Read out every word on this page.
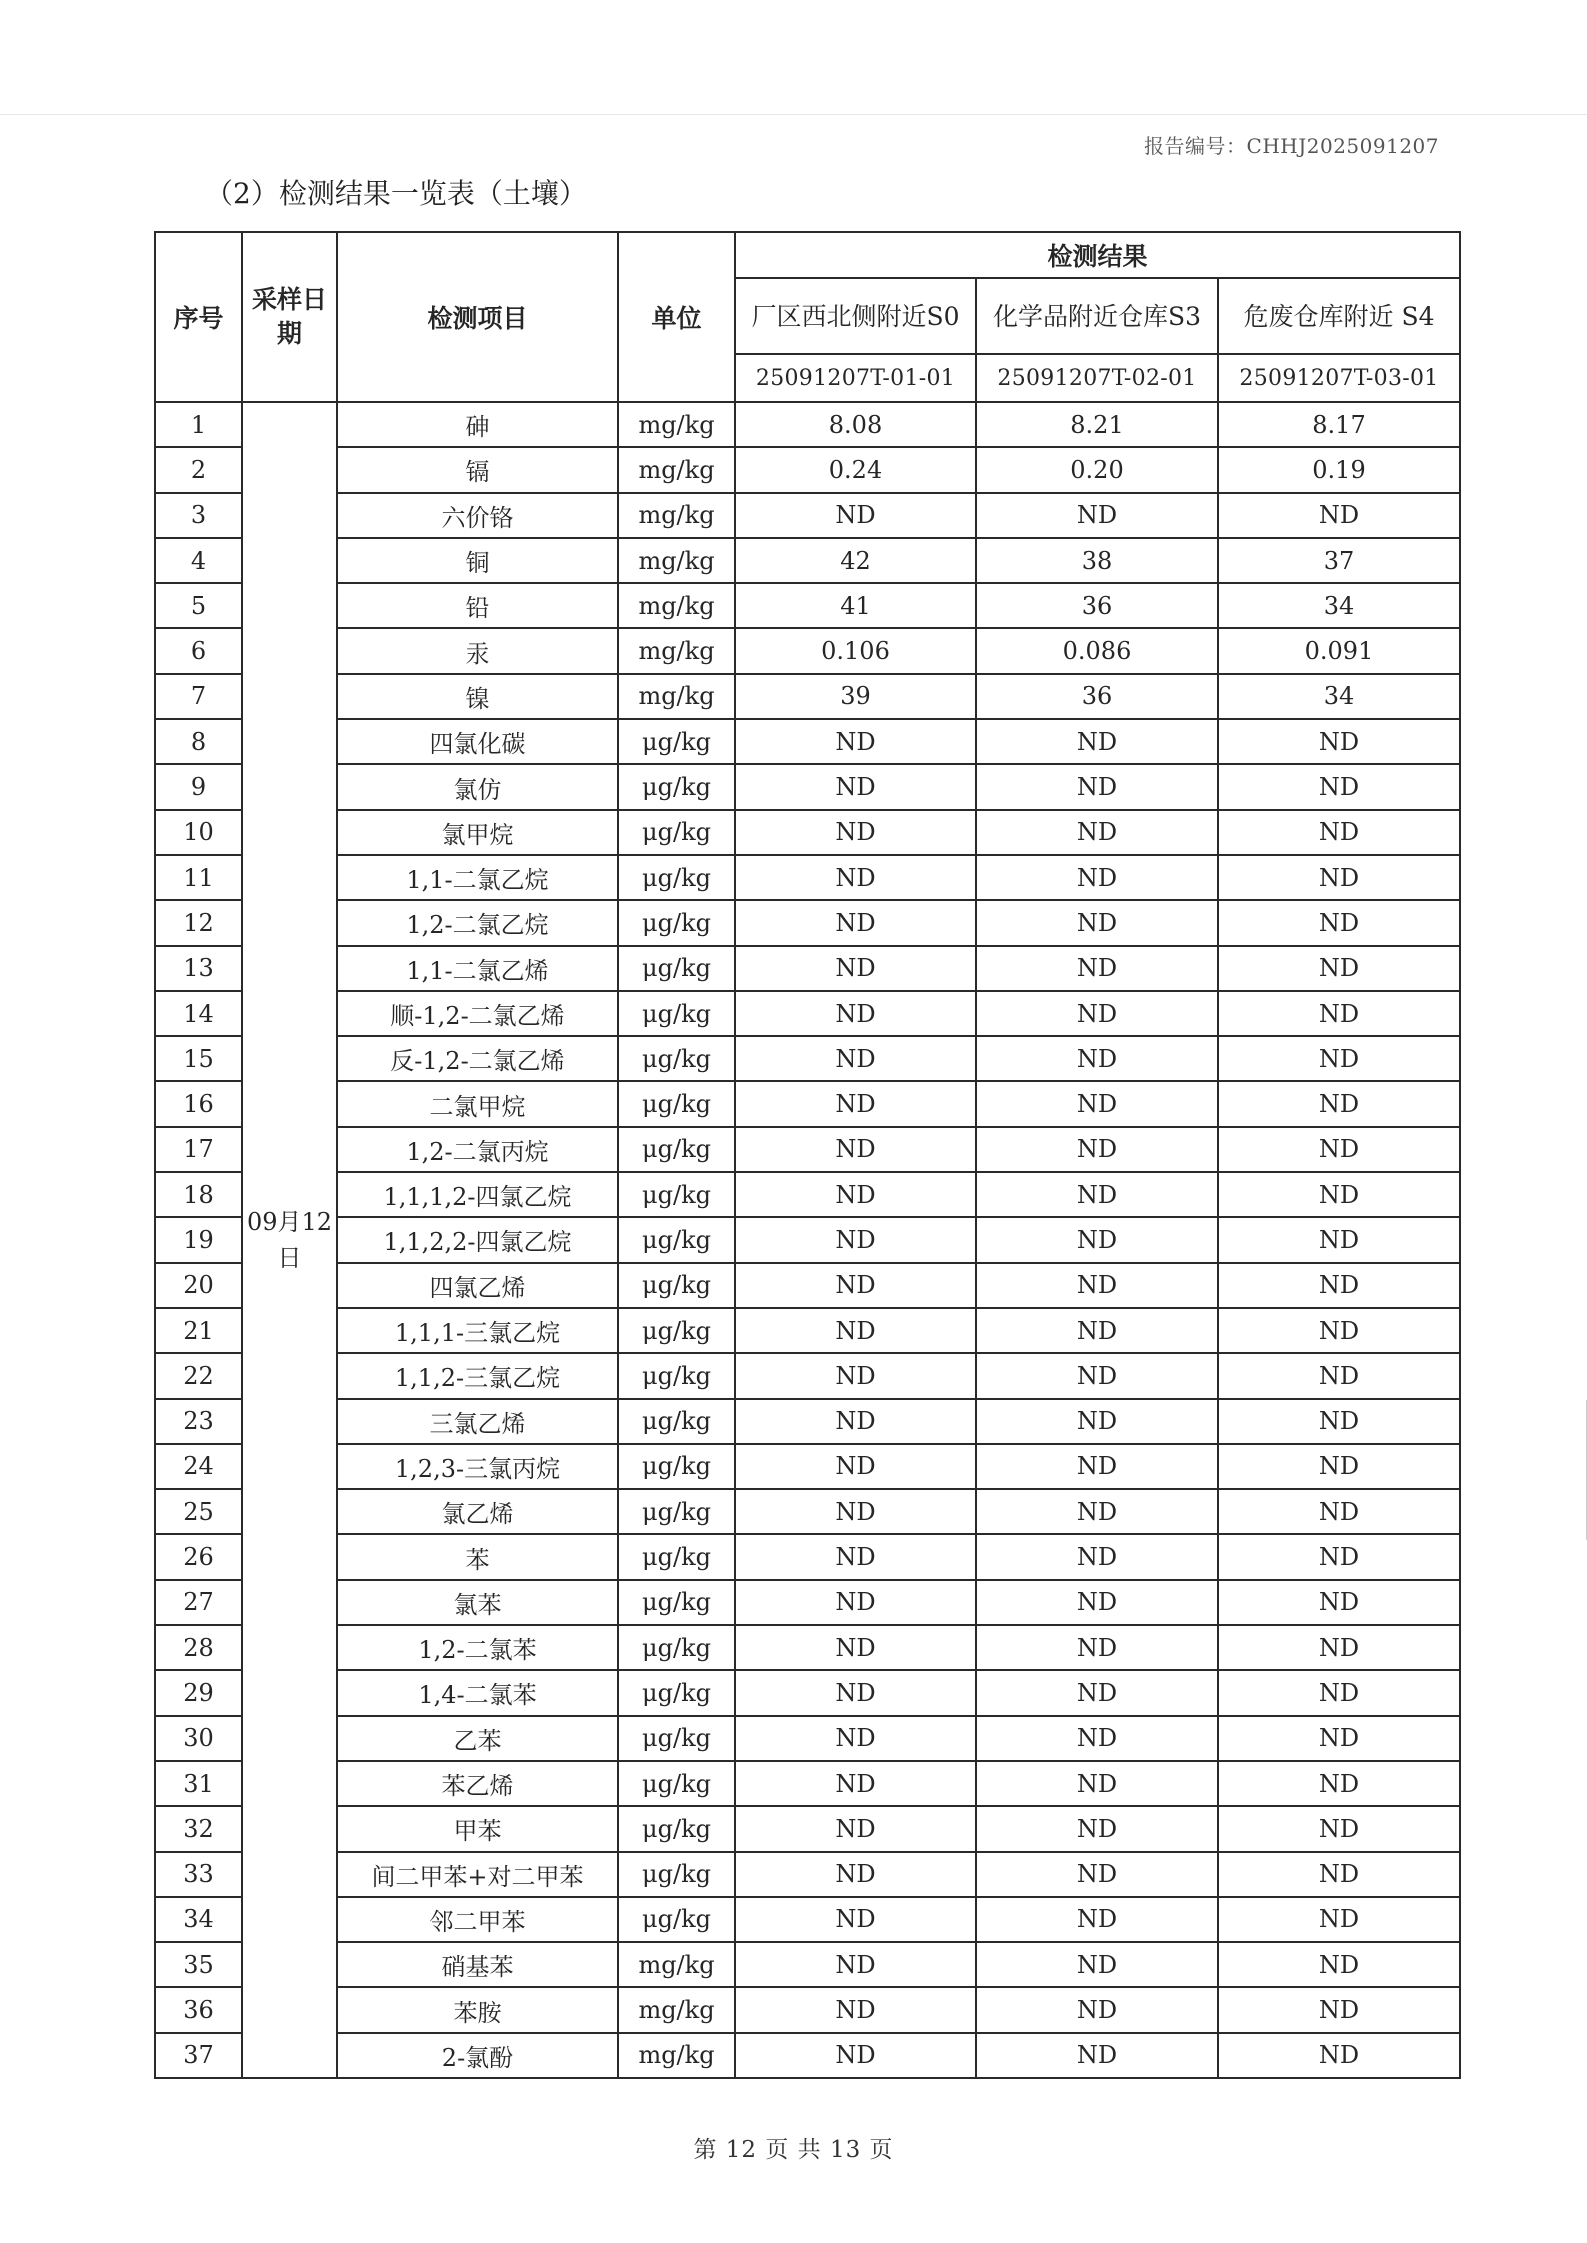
报告编号：CHHJ2025091207
（2）检测结果一览表（土壤）
序号	采样日期	检测项目	单位	检测结果		
				厂区西北侧附近S0	化学品附近仓库S3	危废仓库附近 S4
				25091207T-01-01	25091207T-02-01	25091207T-03-01
1	09月12日	砷	mg/kg	8.08	8.21	8.17
2		镉	mg/kg	0.24	0.20	0.19
3		六价铬	mg/kg	ND	ND	ND
4		铜	mg/kg	42	38	37
5		铅	mg/kg	41	36	34
6		汞	mg/kg	0.106	0.086	0.091
7		镍	mg/kg	39	36	34
8		四氯化碳	μg/kg	ND	ND	ND
9		氯仿	μg/kg	ND	ND	ND
10		氯甲烷	μg/kg	ND	ND	ND
11		1,1-二氯乙烷	μg/kg	ND	ND	ND
12		1,2-二氯乙烷	μg/kg	ND	ND	ND
13		1,1-二氯乙烯	μg/kg	ND	ND	ND
14		顺-1,2-二氯乙烯	μg/kg	ND	ND	ND
15		反-1,2-二氯乙烯	μg/kg	ND	ND	ND
16		二氯甲烷	μg/kg	ND	ND	ND
17		1,2-二氯丙烷	μg/kg	ND	ND	ND
18		1,1,1,2-四氯乙烷	μg/kg	ND	ND	ND
19		1,1,2,2-四氯乙烷	μg/kg	ND	ND	ND
20		四氯乙烯	μg/kg	ND	ND	ND
21		1,1,1-三氯乙烷	μg/kg	ND	ND	ND
22		1,1,2-三氯乙烷	μg/kg	ND	ND	ND
23		三氯乙烯	μg/kg	ND	ND	ND
24		1,2,3-三氯丙烷	μg/kg	ND	ND	ND
25		氯乙烯	μg/kg	ND	ND	ND
26		苯	μg/kg	ND	ND	ND
27		氯苯	μg/kg	ND	ND	ND
28		1,2-二氯苯	μg/kg	ND	ND	ND
29		1,4-二氯苯	μg/kg	ND	ND	ND
30		乙苯	μg/kg	ND	ND	ND
31		苯乙烯	μg/kg	ND	ND	ND
32		甲苯	μg/kg	ND	ND	ND
33		间二甲苯+对二甲苯	μg/kg	ND	ND	ND
34		邻二甲苯	μg/kg	ND	ND	ND
35		硝基苯	mg/kg	ND	ND	ND
36		苯胺	mg/kg	ND	ND	ND
37		2-氯酚	mg/kg	ND	ND	ND
第 12 页 共 13 页
